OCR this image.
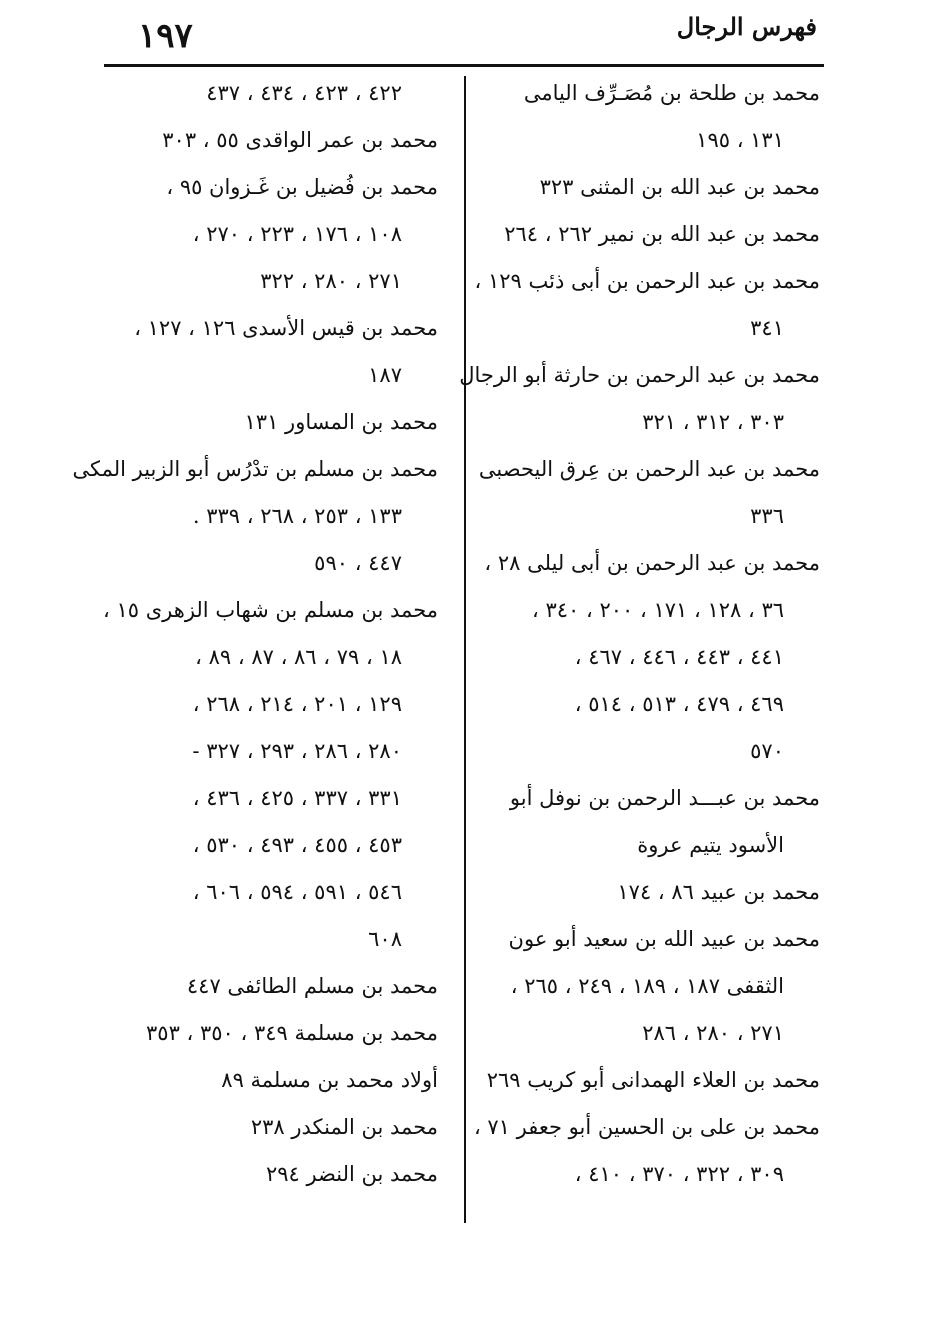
١٩٧	فهرس الرجال
محمد بن طلحة بن مُصَـرِّف اليامى
١٣١ ، ١٩٥
محمد بن عبد الله بن المثنى ٣٢٣
محمد بن عبد الله بن نمير ٢٦٢ ، ٢٦٤
محمد بن عبد الرحمن بن أبى ذئب ١٢٩ ،
٣٤١
محمد بن عبد الرحمن بن حارثة أبو الرجال
٣٠٣ ، ٣١٢ ، ٣٢١
محمد بن عبد الرحمن بن عِرق اليحصبى
٣٣٦
محمد بن عبد الرحمن بن أبى ليلى ٢٨ ،
٣٦ ، ١٢٨ ، ١٧١ ، ٢٠٠ ، ٣٤٠ ،
٤٤١ ، ٤٤٣ ، ٤٤٦ ، ٤٦٧ ،
٤٦٩ ، ٤٧٩ ، ٥١٣ ، ٥١٤ ،
٥٧٠
محمد بن عبـــد الرحمن بن نوفل أبو
الأسود يتيم عروة
محمد بن عبيد ٨٦ ، ١٧٤
محمد بن عبيد الله بن سعيد أبو عون
الثقفى ١٨٧ ، ١٨٩ ، ٢٤٩ ، ٢٦٥ ،
٢٧١ ، ٢٨٠ ، ٢٨٦
محمد بن العلاء الهمدانى أبو كريب ٢٦٩
محمد بن على بن الحسين أبو جعفر ٧١ ،
٣٠٩ ، ٣٢٢ ، ٣٧٠ ، ٤١٠ ،
٤٢٢ ، ٤٢٣ ، ٤٣٤ ، ٤٣٧
محمد بن عمر الواقدى ٥٥ ، ٣٠٣
محمد بن فُضيل بن غَـزوان ٩٥ ،
١٠٨ ، ١٧٦ ، ٢٢٣ ، ٢٧٠ ،
٢٧١ ، ٢٨٠ ، ٣٢٢
محمد بن قيس الأسدى ١٢٦ ، ١٢٧ ،
١٨٧
محمد بن المساور ١٣١
محمد بن مسلم بن تدْرُس أبو الزبير المكى
١٣٣ ، ٢٥٣ ، ٢٦٨ ، ٣٣٩ .
٤٤٧ ، ٥٩٠
محمد بن مسلم بن شهاب الزهرى ١٥ ،
١٨ ، ٧٩ ، ٨٦ ، ٨٧ ، ٨٩ ،
١٢٩ ، ٢٠١ ، ٢١٤ ، ٢٦٨ ،
٢٨٠ ، ٢٨٦ ، ٢٩٣ ، ٣٢٧ -
٣٣١ ، ٣٣٧ ، ٤٢٥ ، ٤٣٦ ،
٤٥٣ ، ٤٥٥ ، ٤٩٣ ، ٥٣٠ ،
٥٤٦ ، ٥٩١ ، ٥٩٤ ، ٦٠٦ ،
٦٠٨
محمد بن مسلم الطائفى ٤٤٧
محمد بن مسلمة ٣٤٩ ، ٣٥٠ ، ٣٥٣
أولاد محمد بن مسلمة ٨٩
محمد بن المنكدر ٢٣٨
محمد بن النضر ٢٩٤
